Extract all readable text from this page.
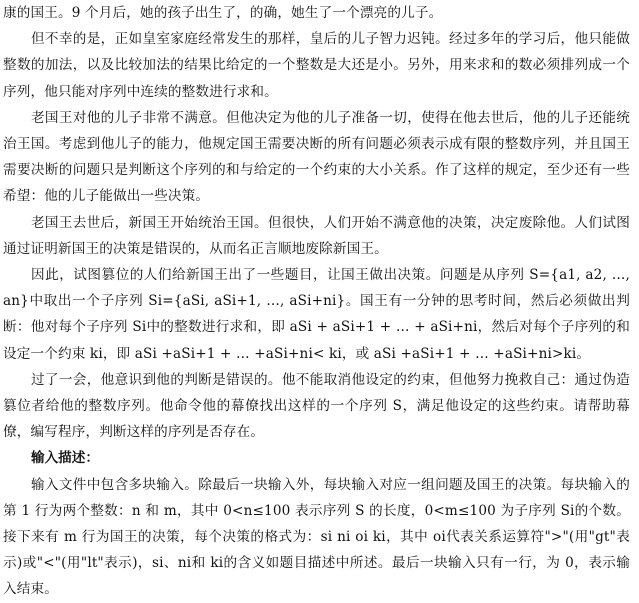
康的国王。9 个月后，她的孩子出生了，的确，她生了一个漂亮的儿子。

但不幸的是，正如皇室家庭经常发生的那样，皇后的儿子智力迟钝。经过多年的学习后，他只能做整数的加法，以及比较加法的结果比给定的一个整数是大还是小。另外，用来求和的数必须排列成一个序列，他只能对序列中连续的整数进行求和。

老国王对他的儿子非常不满意。但他决定为他的儿子准备一切，使得在他去世后，他的儿子还能统治王国。考虑到他儿子的能力，他规定国王需要决断的所有问题必须表示成有限的整数序列，并且国王需要决断的问题只是判断这个序列的和与给定的一个约束的大小关系。作了这样的规定，至少还有一些希望：他的儿子能做出一些决策。

老国王去世后，新国王开始统治王国。但很快，人们开始不满意他的决策，决定废除他。人们试图通过证明新国王的决策是错误的，从而名正言顺地废除新国王。

因此，试图篡位的人们给新国王出了一些题目，让国王做出决策。问题是从序列 S={a1, a2, …, an}中取出一个子序列 Si={aSi, aSi+1, …, aSi+ni}。国王有一分钟的思考时间，然后必须做出判断：他对每个子序列 Si中的整数进行求和，即 aSi + aSi+1 + … + aSi+ni，然后对每个子序列的和设定一个约束 ki，即 aSi +aSi+1 + … +aSi+ni< ki，或 aSi +aSi+1 + … +aSi+ni>ki。

过了一会，他意识到他的判断是错误的。他不能取消他设定的约束，但他努力挽救自己：通过伪造篡位者给他的整数序列。他命令他的幕僚找出这样的一个序列 S，满足他设定的这些约束。请帮助幕僚，编写程序，判断这样的序列是否存在。

输入描述：

输入文件中包含多块输入。除最后一块输入外，每块输入对应一组问题及国王的决策。每块输入的第 1 行为两个整数：n 和 m，其中 0<n≤100 表示序列 S 的长度，0<m≤100 为子序列 Si的个数。接下来有 m 行为国王的决策，每个决策的格式为：si ni oi ki，其中 oi代表关系运算符">"(用"gt"表示)或"<"(用"lt"表示)，si、ni和 ki的含义如题目描述中所述。最后一块输入只有一行，为 0，表示输入结束。
